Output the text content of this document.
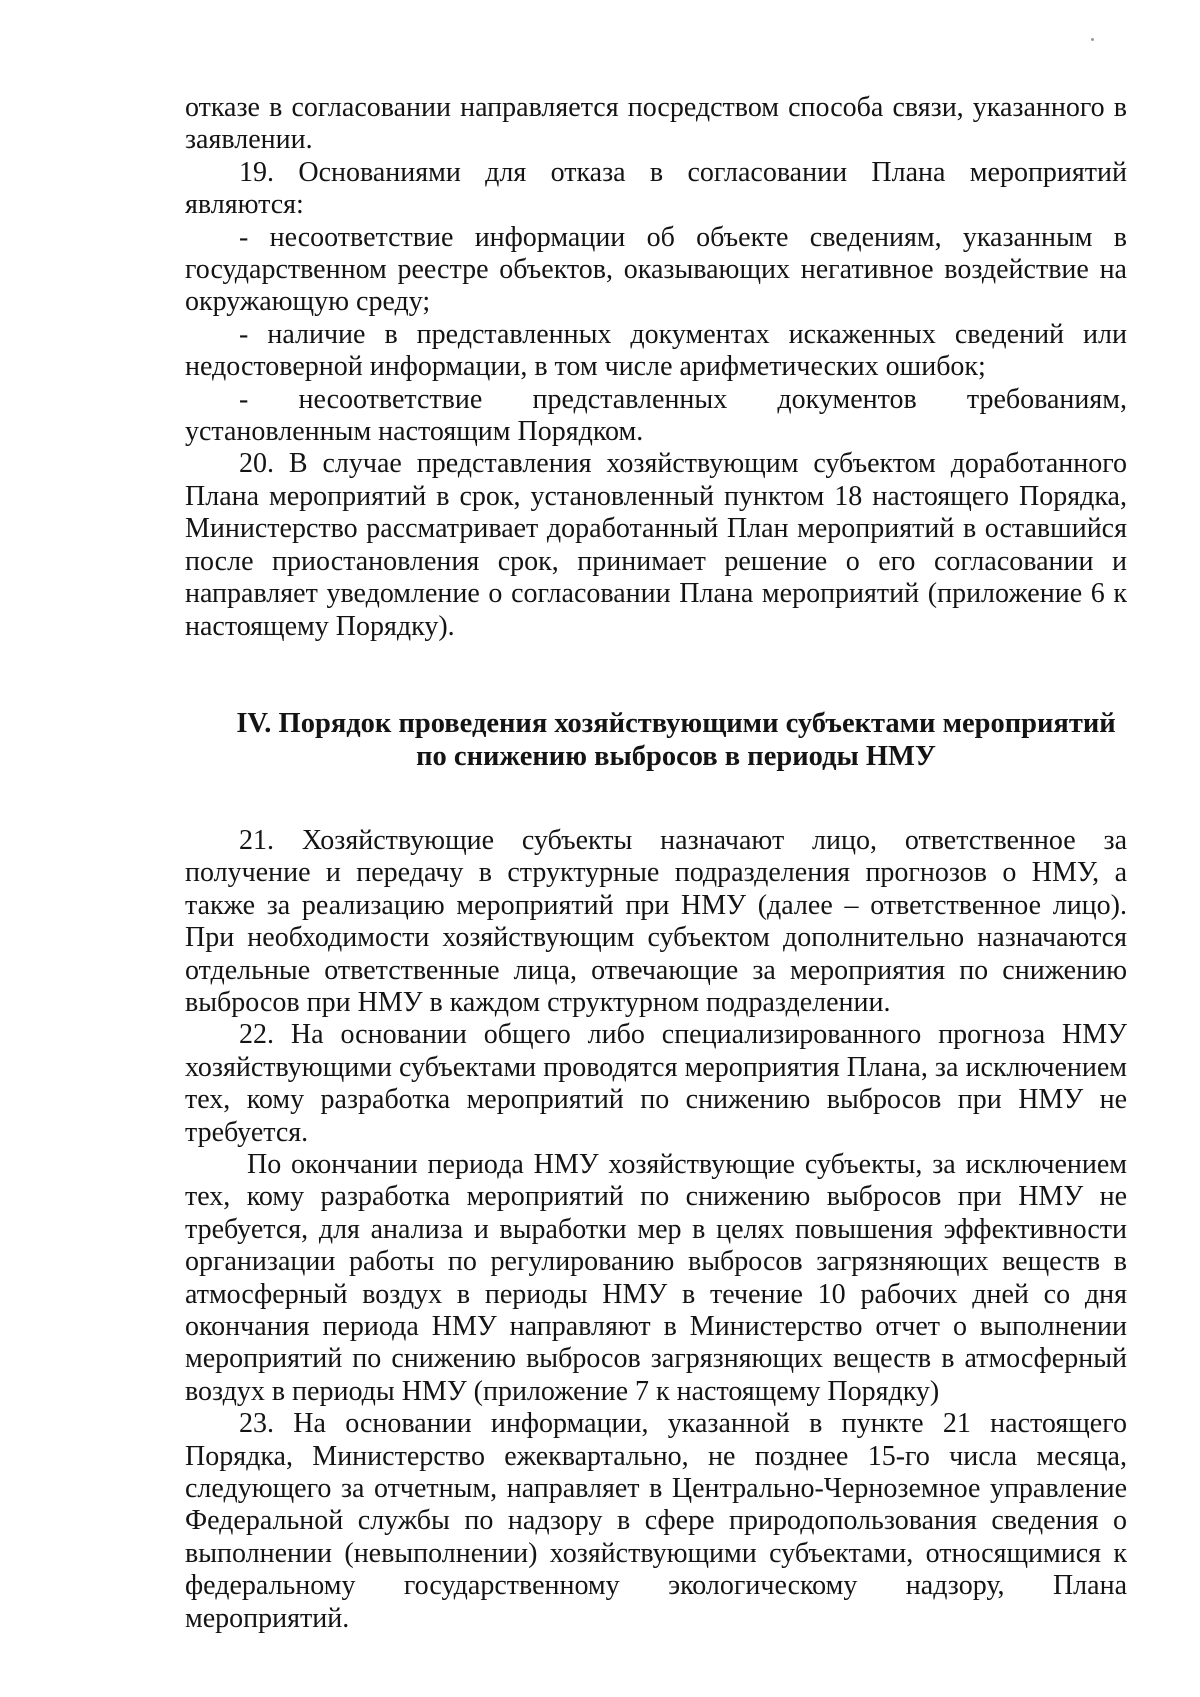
отказе в согласовании направляется посредством способа связи, указанного в заявлении.

19. Основаниями для отказа в согласовании Плана мероприятий являются:

- несоответствие информации об объекте сведениям, указанным в государственном реестре объектов, оказывающих негативное воздействие на окружающую среду;

- наличие в представленных документах искаженных сведений или недостоверной информации, в том числе арифметических ошибок;

- несоответствие представленных документов требованиям, установленным настоящим Порядком.

20. В случае представления хозяйствующим субъектом доработанного Плана мероприятий в срок, установленный пунктом 18 настоящего Порядка, Министерство рассматривает доработанный План мероприятий в оставшийся после приостановления срок, принимает решение о его согласовании и направляет уведомление о согласовании Плана мероприятий (приложение 6 к настоящему Порядку).

IV. Порядок проведения хозяйствующими субъектами мероприятий
по снижению выбросов в периоды НМУ

21. Хозяйствующие субъекты назначают лицо, ответственное за получение и передачу в структурные подразделения прогнозов о НМУ, а также за реализацию мероприятий при НМУ (далее – ответственное лицо). При необходимости хозяйствующим субъектом дополнительно назначаются отдельные ответственные лица, отвечающие за мероприятия по снижению выбросов при НМУ в каждом структурном подразделении.

22. На основании общего либо специализированного прогноза НМУ хозяйствующими субъектами проводятся мероприятия Плана, за исключением тех, кому разработка мероприятий по снижению выбросов при НМУ не требуется.

По окончании периода НМУ хозяйствующие субъекты, за исключением тех, кому разработка мероприятий по снижению выбросов при НМУ не требуется, для анализа и выработки мер в целях повышения эффективности организации работы по регулированию выбросов загрязняющих веществ в атмосферный воздух в периоды НМУ в течение 10 рабочих дней со дня окончания периода НМУ направляют в Министерство отчет о выполнении мероприятий по снижению выбросов загрязняющих веществ в атмосферный воздух в периоды НМУ (приложение 7 к настоящему Порядку)

23. На основании информации, указанной в пункте 21 настоящего Порядка, Министерство ежеквартально, не позднее 15-го числа месяца, следующего за отчетным, направляет в Центрально-Черноземное управление Федеральной службы по надзору в сфере природопользования сведения о выполнении (невыполнении) хозяйствующими субъектами, относящимися к федеральному государственному экологическому надзору, Плана мероприятий.
